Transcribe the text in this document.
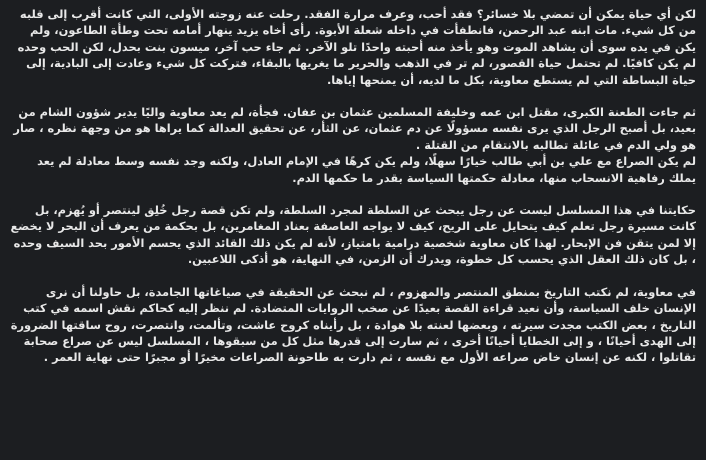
لكن أي حياة يمكن أن تمضي بلا خسائر؟ فقد أحب، وعرف مرارة الفقد. رحلت عنه زوجته الأولى، التي كانت أقرب إلى قلبه من كل شيء. مات ابنه عبد الرحمن، فانطفأت في داخله شعلة الأبوة. رأى أخاه يزيد ينهار أمامه تحت وطأة الطاعون، ولم يكن في يده سوى أن يشاهد الموت وهو يأخذ منه أحبته واحدًا تلو الآخر. ثم جاء حب آخر، ميسون بنت بحدل، لكن الحب وحده لم يكن كافيًا. لم تحتمل حياة القصور، لم تر في الذهب والحرير ما يغريها بالبقاء، فتركت كل شيء وعادت إلى البادية، إلى حياة البساطة التي لم يستطع معاوية، بكل ما لديه، أن يمنحها إياها.

ثم جاءت الطعنة الكبرى، مقتل ابن عمه وخليفة المسلمين عثمان بن عفان. فجأة، لم يعد معاوية واليًا يدير شؤون الشام من بعيد، بل أصبح الرجل الذي يرى نفسه مسؤولًا عن دم عثمان، عن الثأر، عن تحقيق العدالة كما يراها هو من وجهة نظره ، صار هو ولي الدم في عائلة تطالبه بالانتقام من القتلة .
لم يكن الصراع مع علي بن أبي طالب خيارًا سهلًا، ولم يكن كرهًا في الإمام العادل، ولكنه وجد نفسه وسط معادلة لم يعد يملك رفاهية الانسحاب منها، معادلة حكمتها السياسة بقدر ما حكمها الدم.

حكايتنا في هذا المسلسل ليست عن رجل يبحث عن السلطة لمجرد السلطة، ولم تكن قصة رجل خُلِق لينتصر أو يُهزم، بل كانت مسيرة رجل تعلم كيف يتحايل على الريح، كيف لا يواجه العاصفة بعناد المغامرين، بل بحكمة من يعرف أن البحر لا يخضع إلا لمن يتقن فن الإبحار. لهذا كان معاوية شخصية درامية بامتياز، لأنه لم يكن ذلك القائد الذي يحسم الأمور بحد السيف وحده ، بل كان ذلك العقل الذي يحسب كل خطوة، ويدرك أن الزمن، في النهاية، هو أذكى اللاعبين.

في معاوية، لم نكتب التاريخ بمنطق المنتصر والمهزوم ، لم نبحث عن الحقيقة في صياغاتها الجامدة، بل حاولنا أن نرى الإنسان خلف السياسة، وأن نعيد قراءة القصة بعيدًا عن صخب الروايات المتضادة. لم ننظر إليه كحاكم نقش اسمه في كتب التاريخ ، بعض الكتب مجدت سيرته ، وبعضها لعنته بلا هوادة ، بل رأيناه كروح عاشت، وتألمت، وانتصرت، روح ساقتها الضرورة إلى الهدى أحيانًا ، و إلى الخطايا أحيانًا أخرى ، ثم سارت إلى قدرها مثل كل من سبقوها ، المسلسل ليس عن صراع صحابة تقاتلوا ، لكنه عن إنسان خاض صراعه الأول مع نفسه ، ثم دارت به طاحونة الصراعات مخيرًا أو مجبرًا حتى نهاية العمر .
